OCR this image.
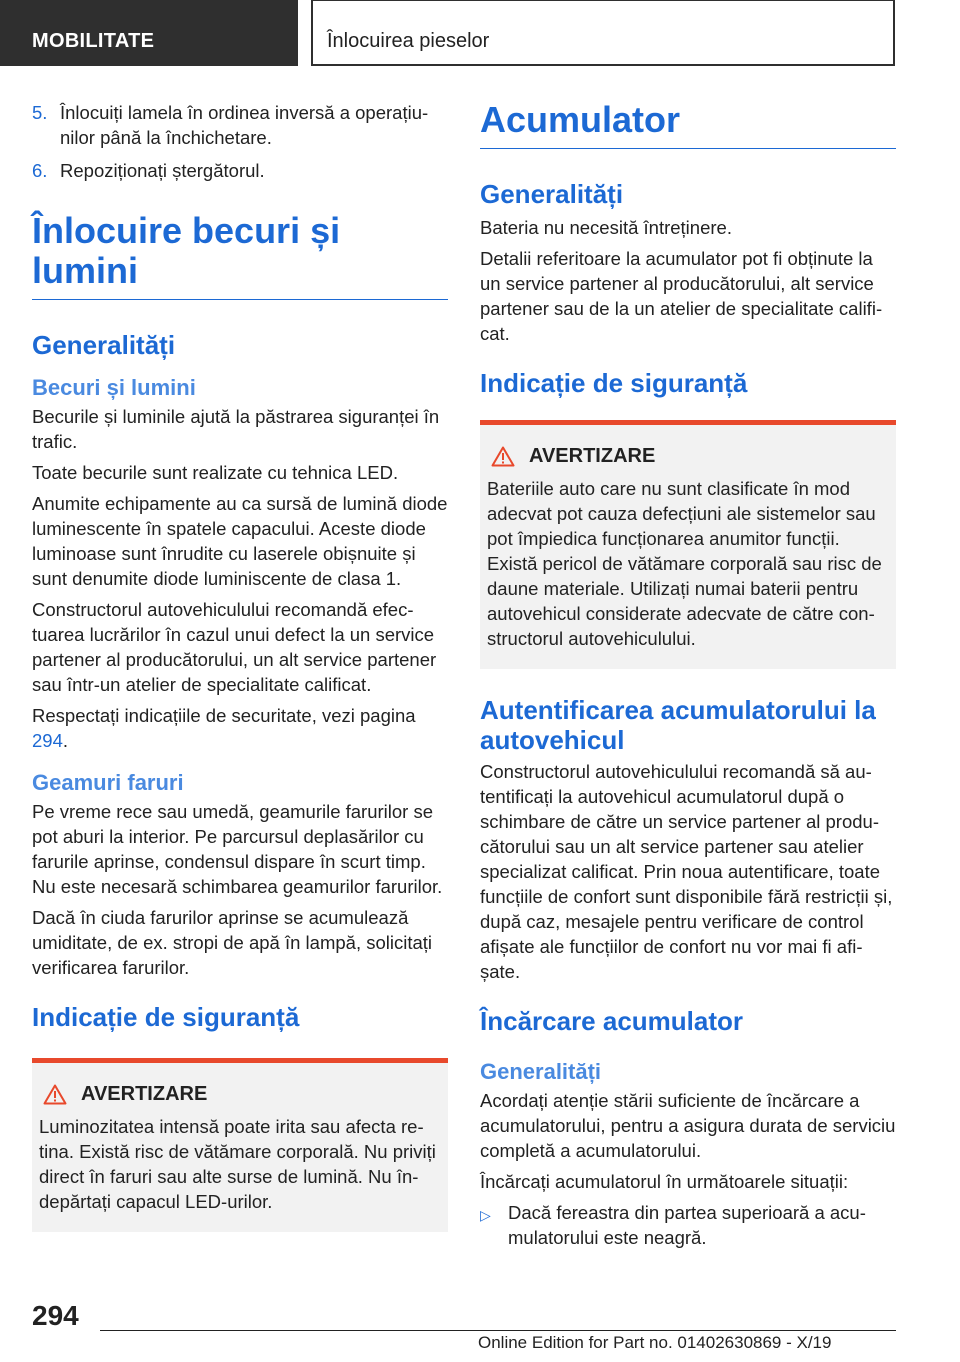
MOBILITATE	Înlocuirea pieselor
5. Înlocuiți lamela în ordinea inversă a operațiunilor până la închichetare.
6. Repoziționați ștergătorul.
Înlocuire becuri și lumini
Generalități
Becuri și lumini

Becurile și luminile ajută la păstrarea siguranței în trafic.

Toate becurile sunt realizate cu tehnica LED.

Anumite echipamente au ca sursă de lumină diode luminescente în spatele capacului. Aceste diode luminoase sunt înrudite cu laserele obișnuite și sunt denumite diode luminiscente de clasa 1.

Constructorul autovehiculului recomandă efectuarea lucrărilor în cazul unui defect la un service partener al producătorului, un alt service partener sau într-un atelier de specialitate calificat.

Respectați indicațiile de securitate, vezi pagina 294.

Geamuri faruri

Pe vreme rece sau umedă, geamurile farurilor se pot aburi la interior. Pe parcursul deplasărilor cu farurile aprinse, condensul dispare în scurt timp. Nu este necesară schimbarea geamurilor farurilor.

Dacă în ciuda farurilor aprinse se acumulează umiditate, de ex. stropi de apă în lampă, solicitați verificarea farurilor.

Indicație de siguranță
AVERTIZARE

Luminozitatea intensă poate irita sau afecta retina. Există risc de vătămare corporală. Nu priviți direct în faruri sau alte surse de lumină. Nu îndepărtați capacul LED-urilor.

Acumulator
Generalități

Bateria nu necesită întreținere.

Detalii referitoare la acumulator pot fi obținute la un service partener al producătorului, alt service partener sau de la un atelier de specialitate calificat.

Indicație de siguranță
AVERTIZARE

Bateriile auto care nu sunt clasificate în mod adecvat pot cauza defecțiuni ale sistemelor sau pot împiedica funcționarea anumitor funcții. Există pericol de vătămare corporală sau risc de daune materiale. Utilizați numai baterii pentru autovehicul considerate adecvate de către constructorul autovehiculului.

Autentificarea acumulatorului la autovehicul

Constructorul autovehiculului recomandă să autentificați la autovehicul acumulatorul după o schimbare de către un service partener al producătorului sau un alt service partener sau atelier specializat calificat. Prin noua autentificare, toate funcțiile de confort sunt disponibile fără restricții și, după caz, mesajele pentru verificare de control afișate ale funcțiilor de confort nu vor mai fi afișate.

Încărcare acumulator
Generalități

Acordați atenție stării suficiente de încărcare a acumulatorului, pentru a asigura durata de serviciu completă a acumulatorului.

Încărcați acumulatorul în următoarele situații:

▷ Dacă fereastra din partea superioară a acumulatorului este neagră.
294
Online Edition for Part no. 01402630869 - X/19
